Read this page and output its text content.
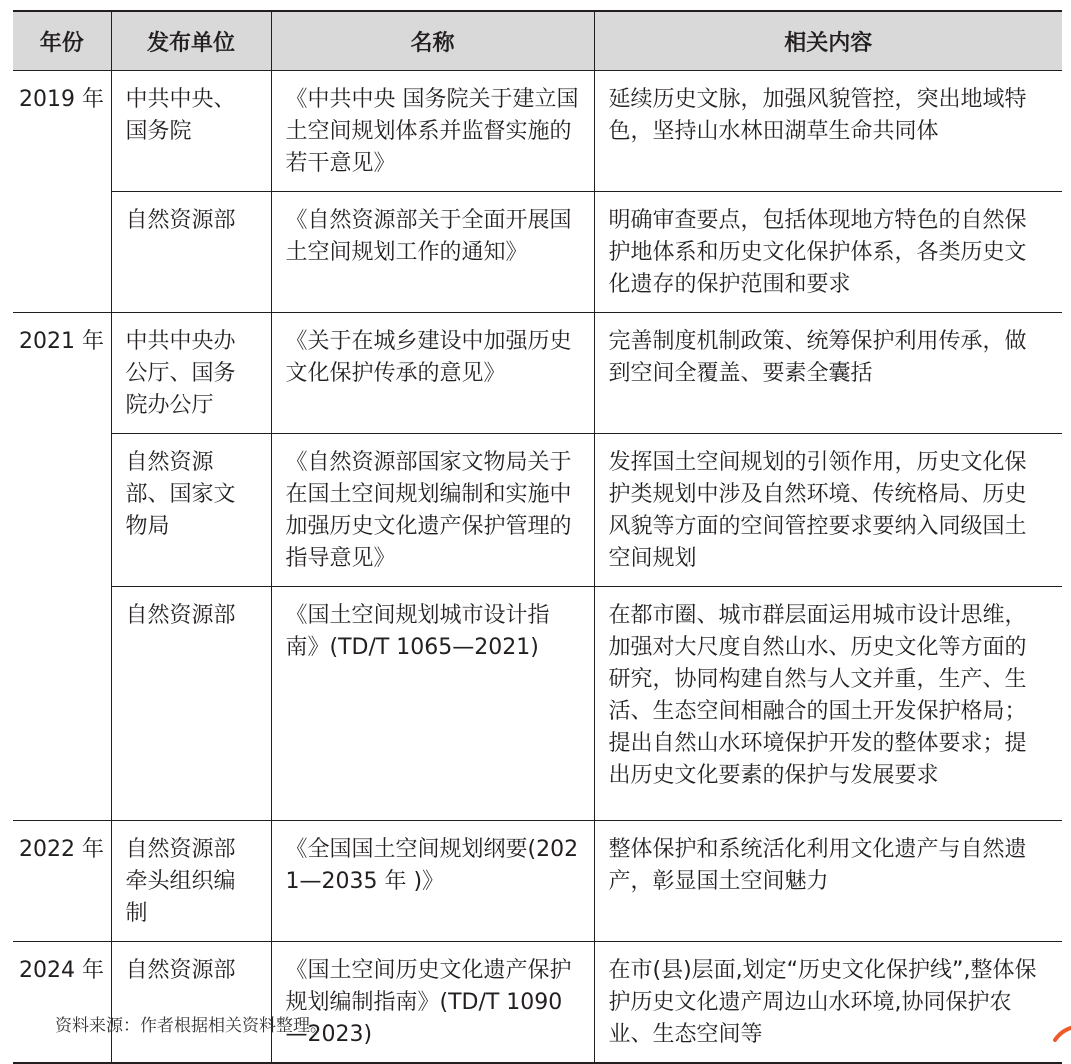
年份	发布单位	名称	相关内容
2019 年	中共中央、国务院	《中共中央 国务院关于建立国土空间规划体系并监督实施的若干意见》	延续历史文脉，加强风貌管控，突出地域特色，坚持山水林田湖草生命共同体
	自然资源部	《自然资源部关于全面开展国土空间规划工作的通知》	明确审查要点，包括体现地方特色的自然保护地体系和历史文化保护体系，各类历史文化遗存的保护范围和要求
2021 年	中共中央办公厅、国务院办公厅	《关于在城乡建设中加强历史文化保护传承的意见》	完善制度机制政策、统筹保护利用传承，做到空间全覆盖、要素全囊括
	自然资源部、国家文物局	《自然资源部国家文物局关于在国土空间规划编制和实施中加强历史文化遗产保护管理的指导意见》	发挥国土空间规划的引领作用，历史文化保护类规划中涉及自然环境、传统格局、历史风貌等方面的空间管控要求要纳入同级国土空间规划
	自然资源部	《国土空间规划城市设计指南》(TD/T 1065—2021)	在都市圈、城市群层面运用城市设计思维，加强对大尺度自然山水、历史文化等方面的研究，协同构建自然与人文并重，生产、生活、生态空间相融合的国土开发保护格局；提出自然山水环境保护开发的整体要求；提出历史文化要素的保护与发展要求
2022 年	自然资源部牵头组织编制	《全国国土空间规划纲要(2021—2035 年 )》	整体保护和系统活化利用文化遗产与自然遗产，彰显国土空间魅力
2024 年	自然资源部	《国土空间历史文化遗产保护规划编制指南》(TD/T 1090—2023)	在市(县)层面,划定“历史文化保护线”,整体保护历史文化遗产周边山水环境,协同保护农业、生态空间等
资料来源：作者根据相关资料整理。
